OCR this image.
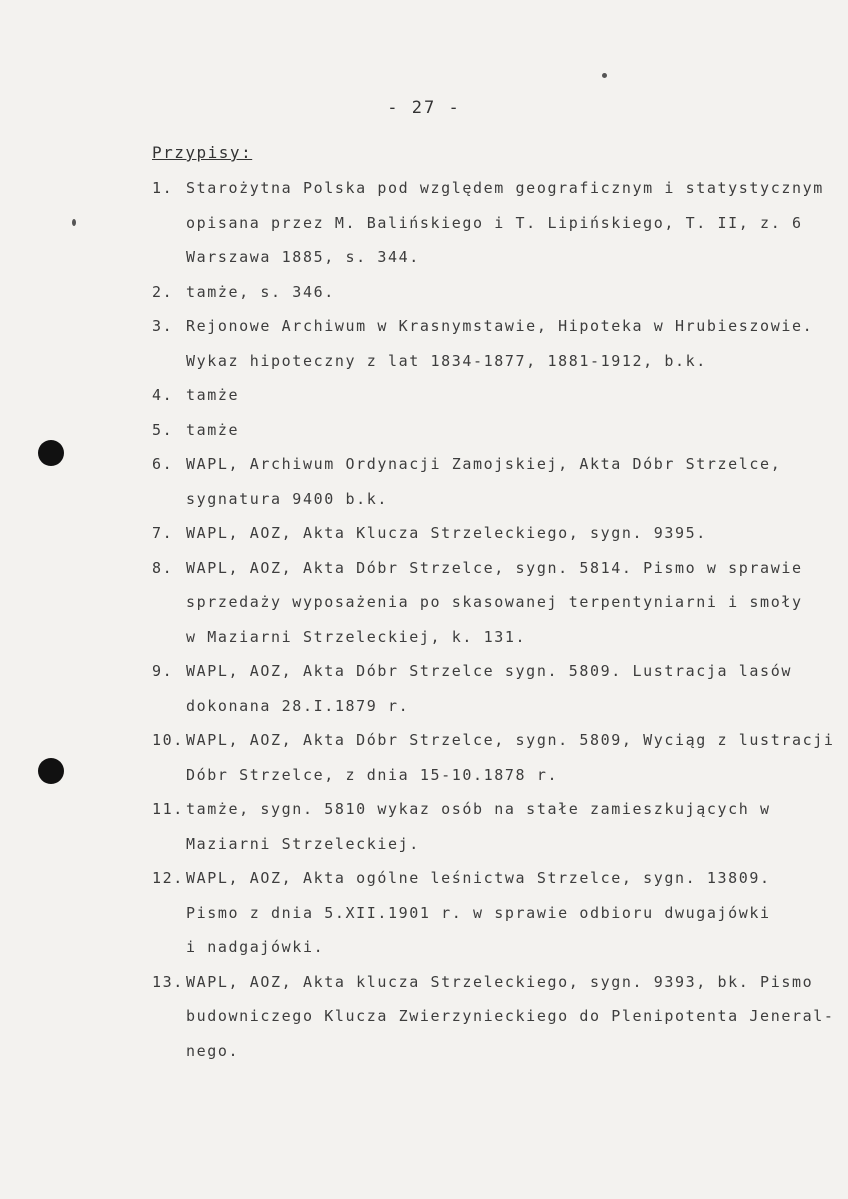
- 27 -
Przypisy:
1. Starożytna Polska pod względem geograficznym i statystycznym
opisana przez M. Balińskiego i T. Lipińskiego, T. II, z. 6
Warszawa 1885, s. 344.
2. tamże, s. 346.
3. Rejonowe Archiwum w Krasnymstawie, Hipoteka w Hrubieszowie.
Wykaz hipoteczny z lat 1834-1877, 1881-1912, b.k.
4. tamże
5. tamże
6. WAPL, Archiwum Ordynacji Zamojskiej, Akta Dóbr Strzelce,
sygnatura 9400 b.k.
7. WAPL, AOZ, Akta Klucza Strzeleckiego, sygn. 9395.
8. WAPL, AOZ, Akta Dóbr Strzelce, sygn. 5814. Pismo w sprawie
sprzedaży wyposażenia po skasowanej terpentyniarni i smoły
w Maziarni Strzeleckiej, k. 131.
9. WAPL, AOZ, Akta Dóbr Strzelce sygn. 5809. Lustracja lasów
dokonana 28.I.1879 r.
10. WAPL, AOZ, Akta Dóbr Strzelce, sygn. 5809, Wyciąg z lustracji
Dóbr Strzelce, z dnia 15-10.1878 r.
11. tamże, sygn. 5810 wykaz osób na stałe zamieszkujących w
Maziarni Strzeleckiej.
12. WAPL, AOZ, Akta ogólne leśnictwa Strzelce, sygn. 13809.
Pismo z dnia 5.XII.1901 r. w sprawie odbioru dwugajówki
i nadgajówki.
13. WAPL, AOZ, Akta klucza Strzeleckiego, sygn. 9393, bk. Pismo
budowniczego Klucza Zwierzynieckiego do Plenipotenta Jeneral-
nego.
